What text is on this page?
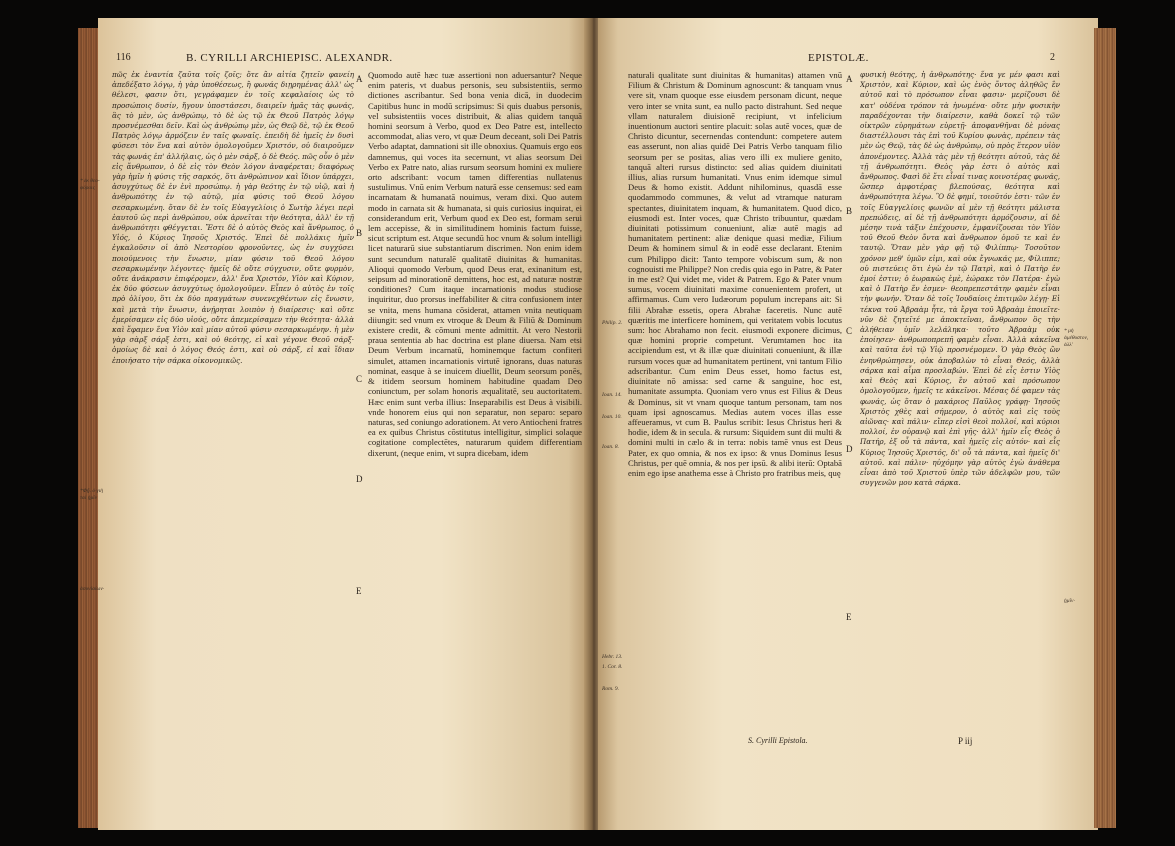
116	B. CYRILLI ARCHIEPISC. ALEXANDR.
πῶς ἐκ ἐναντία ζαῦτα τοῖς ζοῖς; ὅτε ἂν αἰτία ζητεῖν φανείη ἀπεδέξατο λόγῳ, ἡ γὰρ ὑποθέσεως, ἢ φωνάς διῃρημένας ἀλλ' ὡς θέλεσι, φασιν ὅτι, γεγράφαμεν ἐν τοῖς κεφαλαίοις ὡς τὸ προσώποις δυσίν, ἤγουν ὑποστάσεσι, διαιρεῖν ἡμᾶς τὰς φωνάς, ἃς τὸ μὲν, ὡς ἀνθρώπῳ, τὸ δὲ ὡς τῷ ἐκ Θεοῦ Πατρὸς λόγῳ προσνέμεσθαι δεῖν. Καὶ ὡς ἀνθρώπῳ μὲν, ὡς Θεῷ δὲ, τῷ ἐκ Θεοῦ Πατρὸς λόγῳ ἁρμόζειν ἐν ταῖς φωναῖς. ἐπειδὴ δὲ ἡμεῖς ἐν δυσὶ φύσεσι τὸν ἕνα καὶ αὐτὸν ὁμολογοῦμεν Χριστόν, οὐ διαιροῦμεν τὰς φωνάς ἐπ' ἀλλήλαις, ὡς ὁ μὲν σάρξ, ὁ δὲ Θεός. πῶς οὖν ὁ μὲν εἰς ἄνθρωπον, ὁ δὲ εἰς τὸν Θεὸν λόγον ἀναφέρεται; διαφόρως γὰρ ἡμῖν ἡ φύσις τῆς σαρκός, ὅτι ἀνθρώπινον καὶ ἴδιον ὑπάρχει, ἀσυγχύτως δὲ ἐν ἑνὶ προσώπῳ. ἡ γὰρ θεότης ἐν τῷ υἱῷ, καὶ ἡ ἀνθρωπότης ἐν τῷ αὐτῷ, μία φύσις τοῦ Θεοῦ λόγου σεσαρκωμένη. ὅταν δὲ ἐν τοῖς Εὐαγγελίοις ὁ Σωτὴρ λέγει περὶ ἑαυτοῦ ὡς περὶ ἀνθρώπου, οὐκ ἀρνεῖται τὴν θεότητα, ἀλλ' ἐν τῇ ἀνθρωπότητι φθέγγεται. Ἔστι δὲ ὁ αὐτὸς Θεὸς καὶ ἄνθρωπος, ὁ Υἱός, ὁ Κύριος Ἰησοῦς Χριστός. Ἐπεὶ δὲ πολλάκις ἡμῖν ἐγκαλοῦσιν οἱ ἀπὸ Νεστορίου φρονοῦντες, ὡς ἐν συγχύσει ποιούμενοις τὴν ἕνωσιν, μίαν φύσιν τοῦ Θεοῦ λόγου σεσαρκωμένην λέγοντες· ἡμεῖς δὲ οὔτε σύγχυσιν, οὔτε φυρμὸν, οὔτε ἀνάκρασιν ἐπιφέρομεν, ἀλλ' ἕνα Χριστόν, Υἱὸν καὶ Κύριον, ἐκ δύο φύσεων ἀσυγχύτως ὁμολογοῦμεν. Εἶπεν ὁ αὐτὸς ἐν τοῖς πρὸ ὀλίγου, ὅτι ἐκ δύο πραγμάτων συνενεχθέντων εἰς ἕνωσιν, καὶ μετὰ τὴν ἕνωσιν, ἀνῄρηται λοιπὸν ἡ διαίρεσις· καὶ οὔτε ἐμερίσαμεν εἰς δύο υἱούς, οὔτε ἀπεμερίσαμεν τὴν θεότητα· ἀλλὰ καὶ ἔφαμεν ἕνα Υἱὸν καὶ μίαν αὐτοῦ φύσιν σεσαρκωμένην. ἡ μὲν γὰρ σὰρξ σάρξ ἐστι, καὶ οὐ θεότης, εἰ καὶ γέγονε Θεοῦ σάρξ· ὁμοίως δὲ καὶ ὁ λόγος Θεός ἐστι, καὶ οὐ σάρξ, εἰ καὶ ἴδιαν ἐποιήσατο τὴν σάρκα οἰκονομικῶς.
A
B
C
D
E
Quomodo autē hæc tuæ assertioni non aduersantur? Neque enim pateris, vt duabus personis, seu subsistentiis, sermo dictiones ascribantur. Sed bona venia dicā, in duodecim Capitibus hunc in modū scripsimus: Si quis duabus personis, vel subsistentiis voces distribuit, & alias quidem tanquā homini seorsum à Verbo, quod ex Deo Patre est, intellecto accommodat, alias vero, vt quæ Deum deceant, soli Dei Patris Verbo adaptat, damnationi sit ille obnoxius. Quamuis ergo eos damnemus, qui voces ita secernunt, vt alias seorsum Dei Verbo ex Patre nato, alias rursum seorsum homini ex muliere orto adscribant: vocum tamen differentias nullatenus sustulimus. Vnū enim Verbum naturā esse censemus: sed eam incarnatam & humanatā nouimus, veram dixi. Quo autem modo in carnata sit & humanata, si quis curiosius inquirat, ei considerandum erit, Verbum quod ex Deo est, formam serui lem accepisse, & in similitudinem hominis factum fuisse, sicut scriptum est. Atque secundū hoc vnum & solum intelligi licet naturarū siue substantiarum discrimen. Non enim idem sunt secundum naturalē qualitatē diuinitas & humanitas. Alioqui quomodo Verbum, quod Deus erat, exinanitum est, seipsum ad minorationē demittens, hoc est, ad naturæ nostræ conditiones? Cum itaque incarnationis modus studiose inquiritur, duo prorsus ineffabiliter & citra confusionem inter se vnita, mens humana cōsiderat, attamen vnita neutiquam diiungit: sed vnum ex vtroque & Deum & Filiū & Dominum existere credit, & cōmuni mente admittit. At vero Nestorii praua sententia ab hac doctrina est plane diuersa. Nam etsi Deum Verbum incarnatū, hominemque factum confiteri simulet, attamen incarnationis virtutē ignorans, duas naturas nominat, easque à se inuicem diuellit, Deum seorsum ponēs, & itidem seorsum hominem habitudine quadam Deo coniunctum, per solam honoris æqualitatē, seu auctoritatem. Hæc enim sunt verba illius: Inseparabilis est Deus à visibili. vnde honorem eius qui non separatur, non separo: separo naturas, sed coniungo adorationem. At vero Antiocheni fratres ea ex quibus Christus cōstitutus intelligitur, simplici solaque cogitatione complectētes, naturarum quidem differentiam dixerunt, (neque enim, vt supra dicebam, idem
* ἐκ θεο-φόροις
*Φῇ. ὁ·γιὴ ταὶ ᾑμῖν
ἀσυνίαίων·
EPISTOLÆ.	2
Philip. 2.
Ioan. 14.
Ioan. 10.
Ioan. 8.
Hebr. 13.
1. Cor. 8.
Rom. 9.
naturali qualitate sunt diuinitas & humanitas) attamen vnū Filium & Christum & Dominum agnoscunt: & tanquam vnus vere sit, vnam quoque esse eiusdem personam dicunt, neque vero inter se vnita sunt, ea nullo pacto distrahunt. Sed neque vllam naturalem diuisionē recipiunt, vt infelicium inuentionum auctori sentire placuit: solas autē voces, quæ de Christo dicuntur, secernendas contendunt: competere autem eas asserunt, non alias quidē Dei Patris Verbo tanquam filio seorsum per se positas, alias vero illi ex muliere genito, tanquā alteri rursus distincto: sed alias quidem diuinitati illius, alias rursum humanitati. Vnus enim idemque simul Deus & homo existit. Addunt nihilominus, quasdā esse quodammodo communes, & velut ad vtramque naturam spectantes, diuinitatem inquam, & humanitatem. Quod dico, eiusmodi est. Inter voces, quæ Christo tribuuntur, quædam diuinitati potissimum conueniunt, aliæ autē magis ad humanitatem pertinent: aliæ denique quasi mediæ, Filium Deum & hominem simul & in eodē esse declarant. Etenim cum Philippo dicit: Tanto tempore vobiscum sum, & non cognouisti me Philippe? Non credis quia ego in Patre, & Pater in me est? Qui videt me, videt & Patrem. Ego & Pater vnum sumus, vocem diuinitati maxime conuenientem profert, ut affirmamus. Cum vero Iudæorum populum increpans ait: Si filii Abrahæ essetis, opera Abrahæ faceretis. Nunc autē quæritis me interficere hominem, qui veritatem vobis locutus sum: hoc Abrahamo non fecit. eiusmodi exponere dicimus, quæ homini proprie competunt. Verumtamen hoc ita accipiendum est, vt & illæ quæ diuinitati conueniunt, & illæ rursum voces quæ ad humanitatem pertinent, vni tantum Filio adscribantur. Cum enim Deus esset, homo factus est, diuinitate nō amissa: sed carne & sanguine, hoc est, humanitate assumpta. Quoniam vero vnus est Filius & Deus & Dominus, sit vt vnam quoque tantum personam, tam nos quam ipsi agnoscamus. Medias autem voces illas esse affeueramus, vt cum B. Paulus scribit: Iesus Christus heri & hodie, idem & in secula. & rursum: Siquidem sunt dii multi & domini multi in cælo & in terra: nobis tamē vnus est Deus Pater, ex quo omnia, & nos ex ipso: & vnus Dominus Iesus Christus, per quē omnia, & nos per ipsū. & alibi iterū: Optabā enim ego ipse anathema esse à Christo pro fratribus meis, quę
A
B
C
D
E
φυσικὴ θεότης, ἡ ἀνθρωπότης· ἕνα γε μέν φασι καὶ Χριστὸν, καὶ Κύριον, καὶ ὡς ἑνὸς ὄντος ἀληθῶς ἓν αὐτοῦ καὶ τὸ πρόσωπον εἶναι φασιν· μερίζουσι δὲ κατ' οὐδένα τρόπον τὰ ἡνωμένα· οὔτε μὴν φυσικὴν παραδέχονται τὴν διαίρεσιν, καθὰ δοκεῖ τῷ τῶν οἰκτρῶν εὑρημάτων εὑρετῇ· ἀποφανθῆναι δὲ μόνας διαστέλλουσι τὰς ἐπὶ τοῦ Κυρίου φωνὰς, πρέπειν τὰς μὲν ὡς Θεῷ, τὰς δὲ ὡς ἀνθρώπῳ, οὐ πρὸς ἕτερον υἱὸν ἀπονέμοντες. Ἀλλὰ τὰς μὲν τῇ θεότητι αὐτοῦ, τὰς δὲ τῇ ἀνθρωπότητι. Θεὸς γὰρ ἐστι ὁ αὐτὸς καὶ ἄνθρωπος. Φασὶ δὲ ἔτι εἶναί τινας κοινοτέρας φωνάς, ὥσπερ ἀμφοτέρας βλεπούσας, θεότητα καὶ ἀνθρωπότητα λέγω. Ὃ δὲ φημί, τοιοῦτόν ἐστι· τῶν ἐν τοῖς Εὐαγγελίοις φωνῶν αἱ μὲν τῇ θεότητι μάλιστα πρεπώδεις, αἱ δὲ τῇ ἀνθρωπότητι ἁρμόζουσιν, αἱ δὲ μέσην τινὰ τάξιν ἐπέχουσιν, ἐμφανίζουσαι τὸν Υἱὸν τοῦ Θεοῦ Θεὸν ὄντα καὶ ἄνθρωπον ὁμοῦ τε καὶ ἐν ταυτῷ. Ὅταν μὲν γὰρ φῇ τῷ Φιλίππῳ· Τοσοῦτον χρόνον μεθ' ὑμῶν εἰμι, καὶ οὐκ ἔγνωκάς με, Φίλιππε; οὐ πιστεύεις ὅτι ἐγὼ ἐν τῷ Πατρὶ, καὶ ὁ Πατὴρ ἐν ἐμοί ἐστιν; ὁ ἑωρακὼς ἐμὲ, ἑώρακε τὸν Πατέρα· ἐγὼ καὶ ὁ Πατὴρ ἕν ἐσμεν· θεοπρεπεστάτην φαμὲν εἶναι τὴν φωνήν. Ὅταν δὲ τοῖς Ἰουδαίοις ἐπιτιμῶν λέγῃ· Εἰ τέκνα τοῦ Ἀβραὰμ ἦτε, τὰ ἔργα τοῦ Ἀβραὰμ ἐποιεῖτε· νῦν δὲ ζητεῖτέ με ἀποκτεῖναι, ἄνθρωπον ὃς τὴν ἀλήθειαν ὑμῖν λελάληκα· τοῦτο Ἀβραὰμ οὐκ ἐποίησεν· ἀνθρωποπρεπῆ φαμὲν εἶναι. Ἀλλὰ κἀκεῖνα καὶ ταῦτα ἑνὶ τῷ Υἱῷ προσνέμομεν. Ὁ γὰρ Θεὸς ὢν ἐνηνθρώπησεν, οὐκ ἀποβαλὼν τὸ εἶναι Θεός, ἀλλὰ σάρκα καὶ αἷμα προσλαβών. Ἐπεὶ δὲ εἷς ἐστιν Υἱὸς καὶ Θεὸς καὶ Κύριος, ἓν αὐτοῦ καὶ πρόσωπον ὁμολογοῦμεν, ἡμεῖς τε κἀκεῖνοι. Μέσας δέ φαμεν τὰς φωνάς, ὡς ὅταν ὁ μακάριος Παῦλος γράφῃ· Ἰησοῦς Χριστὸς χθὲς καὶ σήμερον, ὁ αὐτὸς καὶ εἰς τοὺς αἰῶνας· καὶ πάλιν· εἴπερ εἰσὶ θεοὶ πολλοί, καὶ κύριοι πολλοί, ἐν οὐρανῷ καὶ ἐπὶ γῆς· ἀλλ' ἡμῖν εἷς Θεὸς ὁ Πατήρ, ἐξ οὗ τὰ πάντα, καὶ ἡμεῖς εἰς αὐτόν· καὶ εἷς Κύριος Ἰησοῦς Χριστός, δι' οὗ τὰ πάντα, καὶ ἡμεῖς δι' αὐτοῦ. καὶ πάλιν· ηὐχόμην γὰρ αὐτὸς ἐγὼ ἀνάθεμα εἶναι ἀπὸ τοῦ Χριστοῦ ὑπὲρ τῶν ἀδελφῶν μου, τῶν συγγενῶν μου κατὰ σάρκα.
* μὴ ἀμέθυστον, ἀλλ'
ᾑμῖν·
S. Cyrilli Epistola.	P iij
